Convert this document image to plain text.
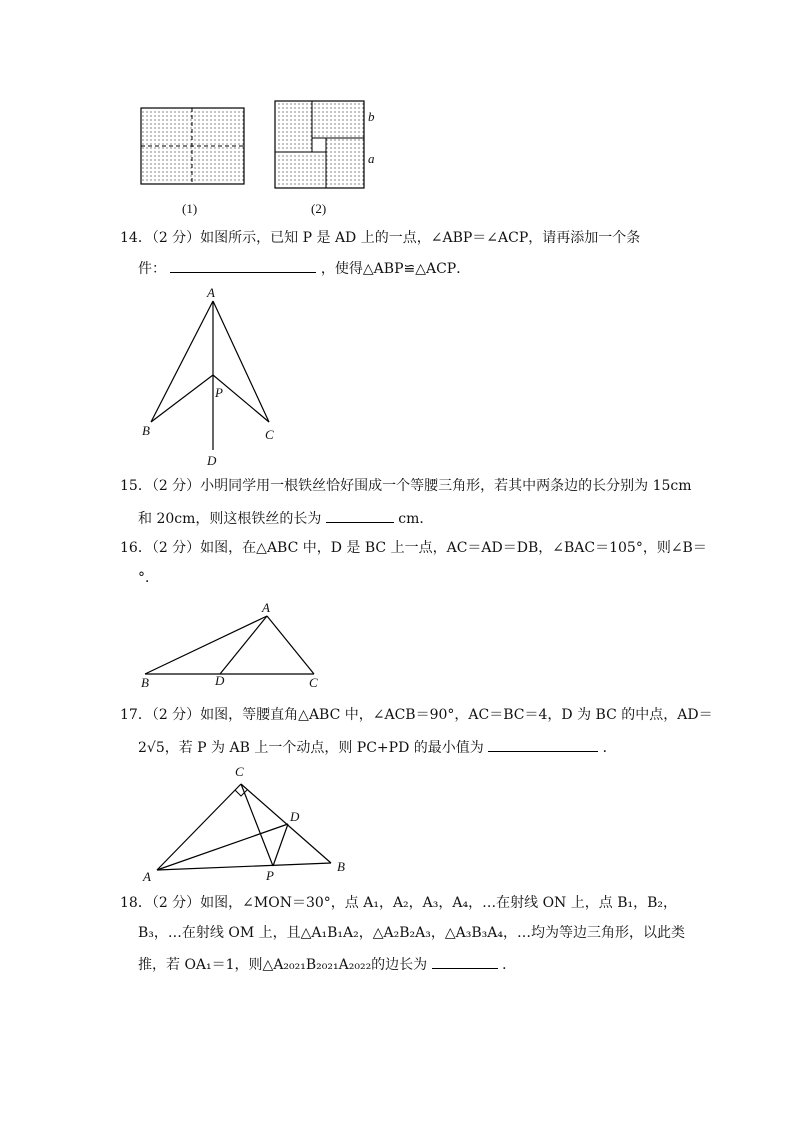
b
a
(1)	(2)
14．（2 分）如图所示，已知 P 是 AD 上的一点，∠ABP＝∠ACP，请再添加一个条
件：	，使得△ABP≌△ACP．
A
P
B	C
D
15．（2 分）小明同学用一根铁丝恰好围成一个等腰三角形，若其中两条边的长分别为 15cm
和 20cm，则这根铁丝的长为	cm．
16．（2 分）如图，在△ABC 中，D 是 BC 上一点，AC＝AD＝DB，∠BAC＝105°，则∠B＝
°．
A
B	D	C
17．（2 分）如图，等腰直角△ABC 中，∠ACB＝90°，AC＝BC＝4，D 为 BC 的中点，AD＝
2√5，若 P 为 AB 上一个动点，则 PC+PD 的最小值为	．
C
D
A	P
B
18．（2 分）如图，∠MON＝30°，点 A₁，A₂，A₃，A₄，…在射线 ON 上，点 B₁，B₂，
B₃，…在射线 OM 上，且△A₁B₁A₂，△A₂B₂A₃，△A₃B₃A₄，…均为等边三角形，以此类
推，若 OA₁＝1，则△A₂₀₂₁B₂₀₂₁A₂₀₂₂的边长为	．
